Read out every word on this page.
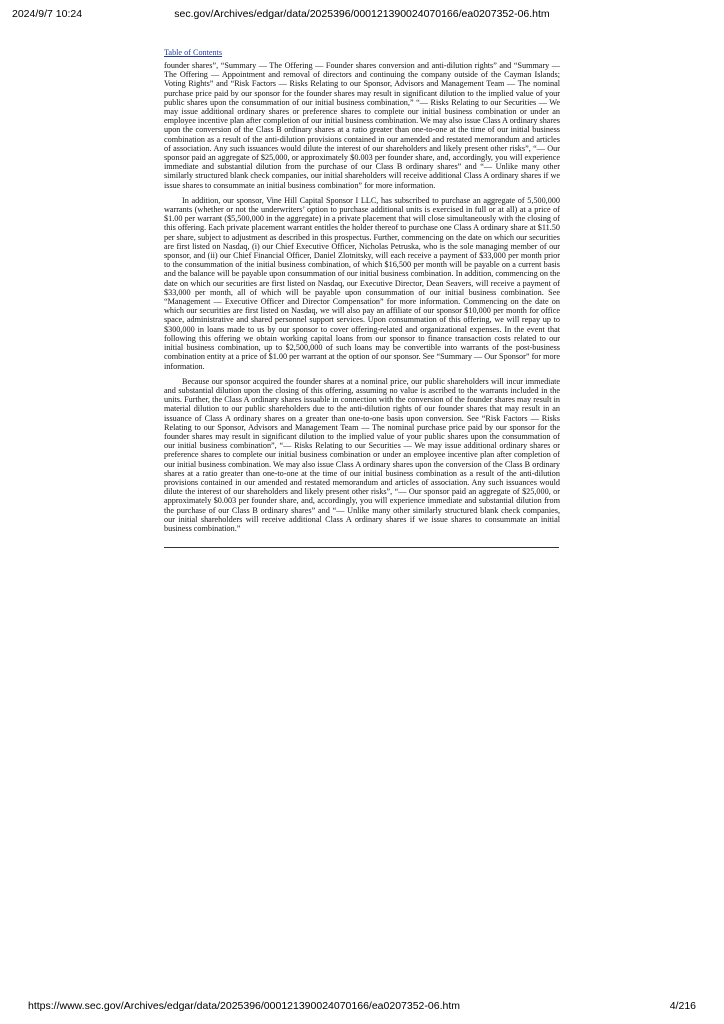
2024/9/7 10:24	sec.gov/Archives/edgar/data/2025396/000121390024070166/ea0207352-06.htm
Table of Contents

founder shares”, “Summary — The Offering — Founder shares conversion and anti-dilution rights” and “Summary — The Offering — Appointment and removal of directors and continuing the company outside of the Cayman Islands; Voting Rights” and “Risk Factors — Risks Relating to our Sponsor, Advisors and Management Team — The nominal purchase price paid by our sponsor for the founder shares may result in significant dilution to the implied value of your public shares upon the consummation of our initial business combination,” “— Risks Relating to our Securities — We may issue additional ordinary shares or preference shares to complete our initial business combination or under an employee incentive plan after completion of our initial business combination. We may also issue Class A ordinary shares upon the conversion of the Class B ordinary shares at a ratio greater than one-to-one at the time of our initial business combination as a result of the anti-dilution provisions contained in our amended and restated memorandum and articles of association. Any such issuances would dilute the interest of our shareholders and likely present other risks”, “— Our sponsor paid an aggregate of $25,000, or approximately $0.003 per founder share, and, accordingly, you will experience immediate and substantial dilution from the purchase of our Class B ordinary shares” and “— Unlike many other similarly structured blank check companies, our initial shareholders will receive additional Class A ordinary shares if we issue shares to consummate an initial business combination” for more information.

In addition, our sponsor, Vine Hill Capital Sponsor I LLC, has subscribed to purchase an aggregate of 5,500,000 warrants (whether or not the underwriters’ option to purchase additional units is exercised in full or at all) at a price of $1.00 per warrant ($5,500,000 in the aggregate) in a private placement that will close simultaneously with the closing of this offering. Each private placement warrant entitles the holder thereof to purchase one Class A ordinary share at $11.50 per share, subject to adjustment as described in this prospectus. Further, commencing on the date on which our securities are first listed on Nasdaq, (i) our Chief Executive Officer, Nicholas Petruska, who is the sole managing member of our sponsor, and (ii) our Chief Financial Officer, Daniel Zlotnitsky, will each receive a payment of $33,000 per month prior to the consummation of the initial business combination, of which $16,500 per month will be payable on a current basis and the balance will be payable upon consummation of our initial business combination. In addition, commencing on the date on which our securities are first listed on Nasdaq, our Executive Director, Dean Seavers, will receive a payment of $33,000 per month, all of which will be payable upon consummation of our initial business combination. See “Management — Executive Officer and Director Compensation” for more information. Commencing on the date on which our securities are first listed on Nasdaq, we will also pay an affiliate of our sponsor $10,000 per month for office space, administrative and shared personnel support services. Upon consummation of this offering, we will repay up to $300,000 in loans made to us by our sponsor to cover offering-related and organizational expenses. In the event that following this offering we obtain working capital loans from our sponsor to finance transaction costs related to our initial business combination, up to $2,500,000 of such loans may be convertible into warrants of the post-business combination entity at a price of $1.00 per warrant at the option of our sponsor. See “Summary — Our Sponsor” for more information.

Because our sponsor acquired the founder shares at a nominal price, our public shareholders will incur immediate and substantial dilution upon the closing of this offering, assuming no value is ascribed to the warrants included in the units. Further, the Class A ordinary shares issuable in connection with the conversion of the founder shares may result in material dilution to our public shareholders due to the anti-dilution rights of our founder shares that may result in an issuance of Class A ordinary shares on a greater than one-to-one basis upon conversion. See “Risk Factors — Risks Relating to our Sponsor, Advisors and Management Team — The nominal purchase price paid by our sponsor for the founder shares may result in significant dilution to the implied value of your public shares upon the consummation of our initial business combination”, “— Risks Relating to our Securities — We may issue additional ordinary shares or preference shares to complete our initial business combination or under an employee incentive plan after completion of our initial business combination. We may also issue Class A ordinary shares upon the conversion of the Class B ordinary shares at a ratio greater than one-to-one at the time of our initial business combination as a result of the anti-dilution provisions contained in our amended and restated memorandum and articles of association. Any such issuances would dilute the interest of our shareholders and likely present other risks”, “— Our sponsor paid an aggregate of $25,000, or approximately $0.003 per founder share, and, accordingly, you will experience immediate and substantial dilution from the purchase of our Class B ordinary shares” and “— Unlike many other similarly structured blank check companies, our initial shareholders will receive additional Class A ordinary shares if we issue shares to consummate an initial business combination.”

https://www.sec.gov/Archives/edgar/data/2025396/000121390024070166/ea0207352-06.htm	4/216
